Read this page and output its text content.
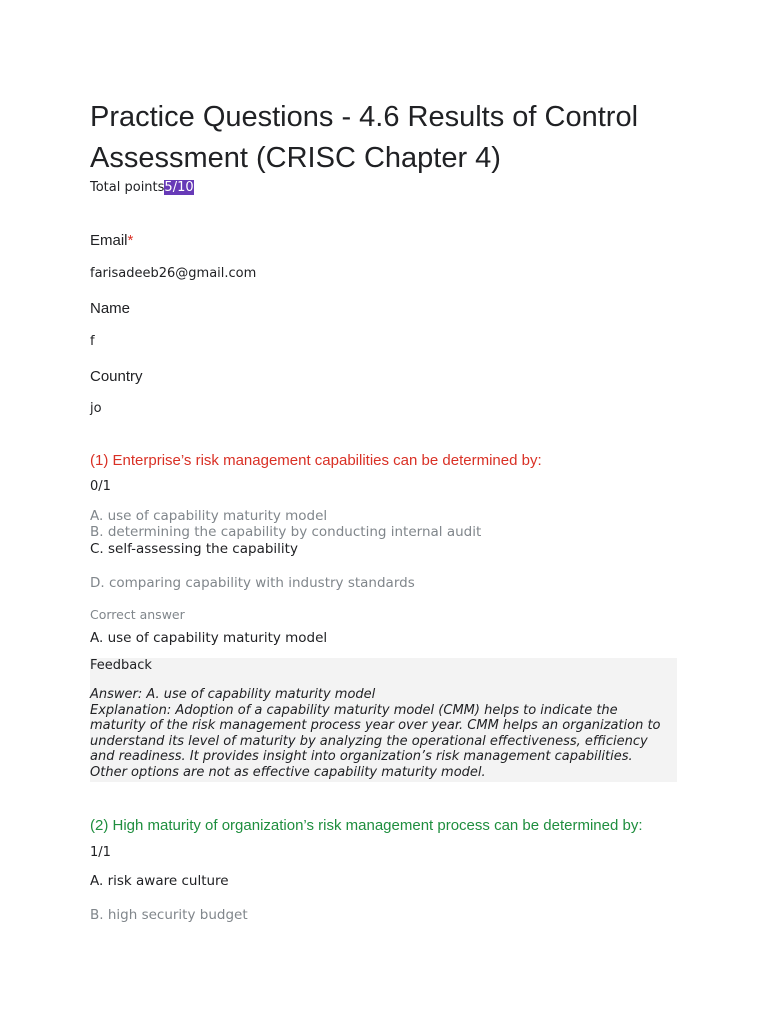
Practice Questions - 4.6 Results of Control
Assessment (CRISC Chapter 4)
Total points5/10
Email*
farisadeeb26@gmail.com
Name
f
Country
jo
(1) Enterprise’s risk management capabilities can be determined by:
0/1
A. use of capability maturity model
B. determining the capability by conducting internal audit
C. self-assessing the capability
D. comparing capability with industry standards
Correct answer
A. use of capability maturity model
Feedback
Answer: A. use of capability maturity model
Explanation: Adoption of a capability maturity model (CMM) helps to indicate the
maturity of the risk management process year over year. CMM helps an organization to
understand its level of maturity by analyzing the operational effectiveness, efficiency
and readiness. It provides insight into organization’s risk management capabilities.
Other options are not as effective capability maturity model.
(2) High maturity of organization’s risk management process can be determined by:
1/1
A. risk aware culture
B. high security budget
